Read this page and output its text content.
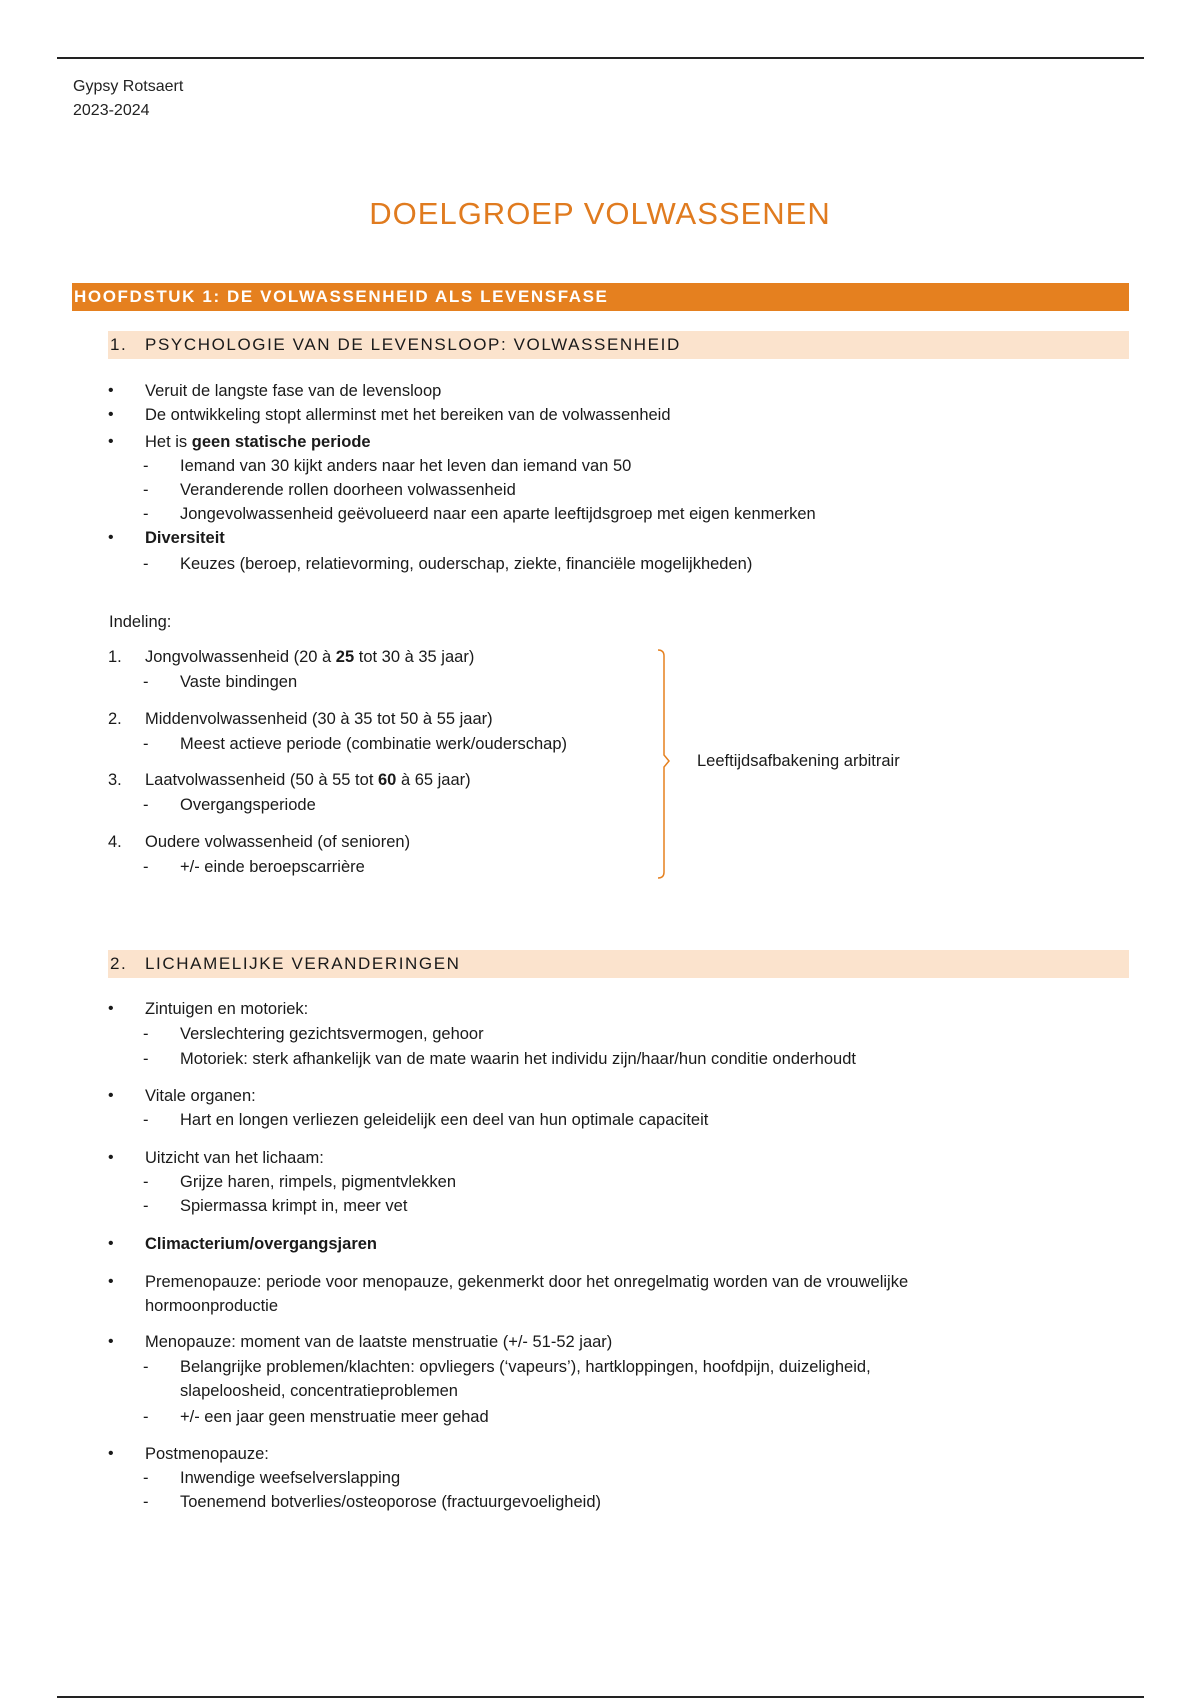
Gypsy Rotsaert
2023-2024
DOELGROEP VOLWASSENEN
HOOFDSTUK 1: DE VOLWASSENHEID ALS LEVENSFASE
1. PSYCHOLOGIE VAN DE LEVENSLOOP: VOLWASSENHEID
• Veruit de langste fase van de levensloop
• De ontwikkeling stopt allerminst met het bereiken van de volwassenheid
• Het is geen statische periode
- Iemand van 30 kijkt anders naar het leven dan iemand van 50
- Veranderende rollen doorheen volwassenheid
- Jongevolwassenheid geëvolueerd naar een aparte leeftijdsgroep met eigen kenmerken
• Diversiteit
- Keuzes (beroep, relatievorming, ouderschap, ziekte, financiële mogelijkheden)
Indeling:
1. Jongvolwassenheid (20 à 25 tot 30 à 35 jaar)
- Vaste bindingen
2. Middenvolwassenheid (30 à 35 tot 50 à 55 jaar)
- Meest actieve periode (combinatie werk/ouderschap)
3. Laatvolwassenheid (50 à 55 tot 60 à 65 jaar)
- Overgangsperiode
4. Oudere volwassenheid (of senioren)
- +/- einde beroepscarrière
Leeftijdsafbakening arbitrair
2. LICHAMELIJKE VERANDERINGEN
• Zintuigen en motoriek:
- Verslechtering gezichtsvermogen, gehoor
- Motoriek: sterk afhankelijk van de mate waarin het individu zijn/haar/hun conditie onderhoudt
• Vitale organen:
- Hart en longen verliezen geleidelijk een deel van hun optimale capaciteit
• Uitzicht van het lichaam:
- Grijze haren, rimpels, pigmentvlekken
- Spiermassa krimpt in, meer vet
• Climacterium/overgangsjaren
• Premenopauze: periode voor menopauze, gekenmerkt door het onregelmatig worden van de vrouwelijke
hormoonproductie
• Menopauze: moment van de laatste menstruatie (+/- 51-52 jaar)
- Belangrijke problemen/klachten: opvliegers (‘vapeurs’), hartkloppingen, hoofdpijn, duizeligheid,
slapeloosheid, concentratieproblemen
- +/- een jaar geen menstruatie meer gehad
• Postmenopauze:
- Inwendige weefselverslapping
- Toenemend botverlies/osteoporose (fractuurgevoeligheid)
